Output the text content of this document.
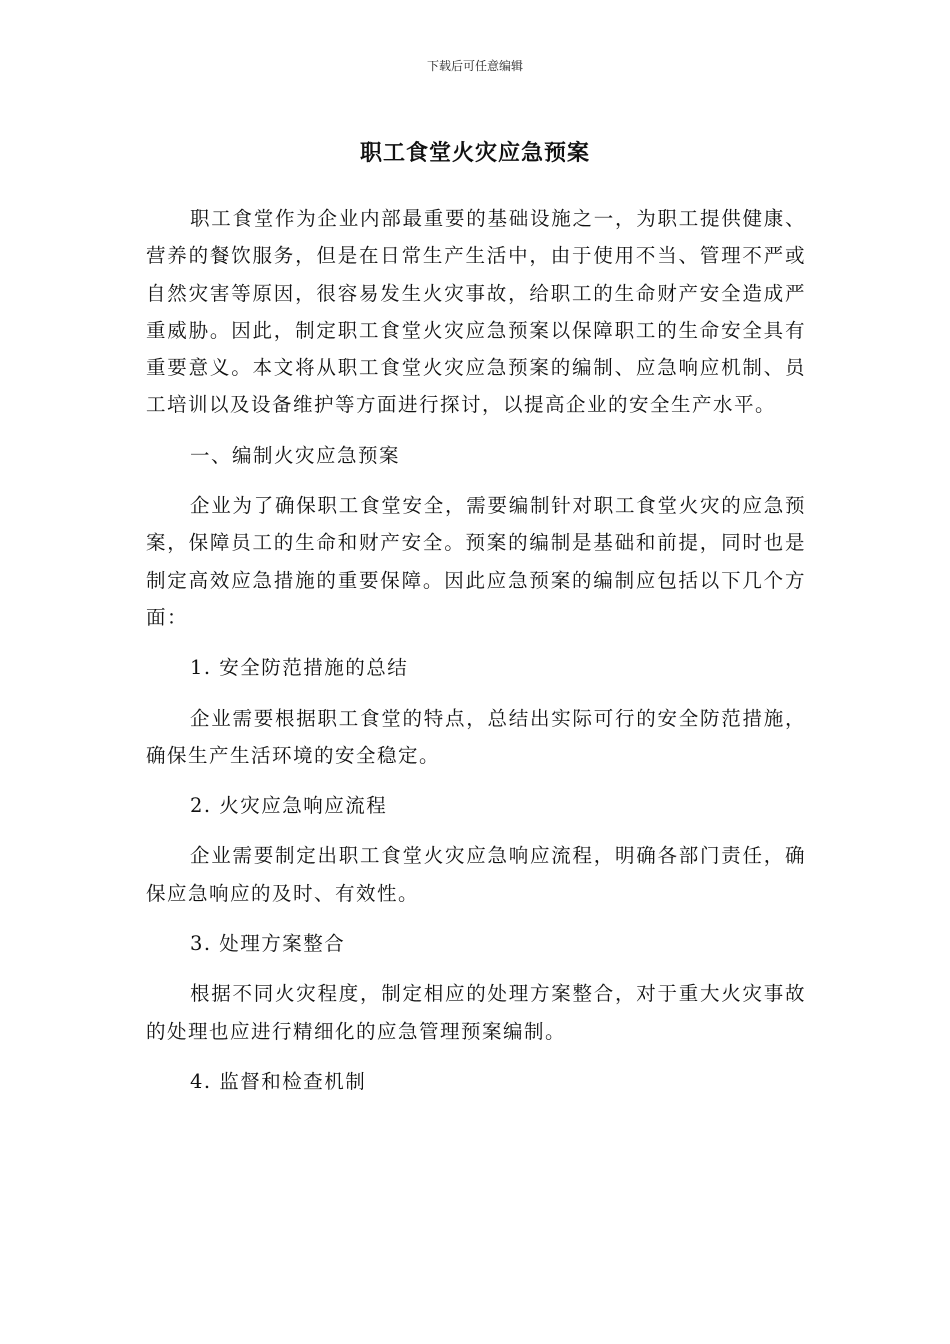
下载后可任意编辑
职工食堂火灾应急预案

职工食堂作为企业内部最重要的基础设施之一，为职工提供健康、营养的餐饮服务，但是在日常生产生活中，由于使用不当、管理不严或自然灾害等原因，很容易发生火灾事故，给职工的生命财产安全造成严重威胁。因此，制定职工食堂火灾应急预案以保障职工的生命安全具有重要意义。本文将从职工食堂火灾应急预案的编制、应急响应机制、员工培训以及设备维护等方面进行探讨，以提高企业的安全生产水平。

一、编制火灾应急预案

企业为了确保职工食堂安全，需要编制针对职工食堂火灾的应急预案，保障员工的生命和财产安全。预案的编制是基础和前提，同时也是制定高效应急措施的重要保障。因此应急预案的编制应包括以下几个方面：

1. 安全防范措施的总结

企业需要根据职工食堂的特点，总结出实际可行的安全防范措施，确保生产生活环境的安全稳定。

2. 火灾应急响应流程

企业需要制定出职工食堂火灾应急响应流程，明确各部门责任，确保应急响应的及时、有效性。

3. 处理方案整合

根据不同火灾程度，制定相应的处理方案整合，对于重大火灾事故的处理也应进行精细化的应急管理预案编制。

4. 监督和检查机制
